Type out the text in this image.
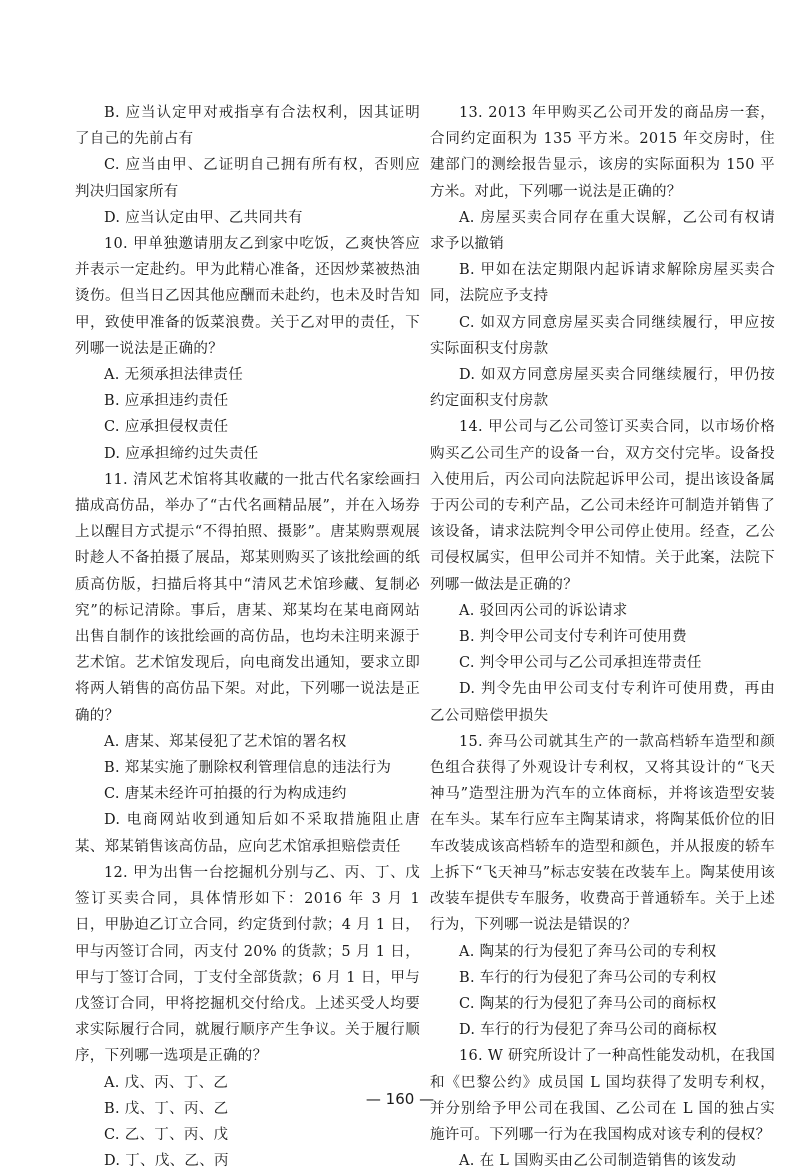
B. 应当认定甲对戒指享有合法权利，因其证明了自己的先前占有

C. 应当由甲、乙证明自己拥有所有权，否则应判决归国家所有

D. 应当认定由甲、乙共同共有

10. 甲单独邀请朋友乙到家中吃饭，乙爽快答应并表示一定赴约。甲为此精心准备，还因炒菜被热油烫伤。但当日乙因其他应酬而未赴约，也未及时告知甲，致使甲准备的饭菜浪费。关于乙对甲的责任，下列哪一说法是正确的？

A. 无须承担法律责任

B. 应承担违约责任

C. 应承担侵权责任

D. 应承担缔约过失责任

11. 清风艺术馆将其收藏的一批古代名家绘画扫描成高仿品，举办了“古代名画精品展”，并在入场券上以醒目方式提示“不得拍照、摄影”。唐某购票观展时趁人不备拍摄了展品，郑某则购买了该批绘画的纸质高仿版，扫描后将其中“清风艺术馆珍藏、复制必究”的标记清除。事后，唐某、郑某均在某电商网站出售自制作的该批绘画的高仿品，也均未注明来源于艺术馆。艺术馆发现后，向电商发出通知，要求立即将两人销售的高仿品下架。对此，下列哪一说法是正确的？

A. 唐某、郑某侵犯了艺术馆的署名权

B. 郑某实施了删除权利管理信息的违法行为

C. 唐某未经许可拍摄的行为构成违约

D. 电商网站收到通知后如不采取措施阻止唐某、郑某销售该高仿品，应向艺术馆承担赔偿责任

12. 甲为出售一台挖掘机分别与乙、丙、丁、戊签订买卖合同，具体情形如下：2016 年 3 月 1 日，甲胁迫乙订立合同，约定货到付款；4 月 1 日，甲与丙签订合同，丙支付 20% 的货款；5 月 1 日，甲与丁签订合同，丁支付全部货款；6 月 1 日，甲与戊签订合同，甲将挖掘机交付给戊。上述买受人均要求实际履行合同，就履行顺序产生争议。关于履行顺序，下列哪一选项是正确的？

A. 戊、丙、丁、乙

B. 戊、丁、丙、乙

C. 乙、丁、丙、戊

D. 丁、戊、乙、丙

13. 2013 年甲购买乙公司开发的商品房一套，合同约定面积为 135 平方米。2015 年交房时，住建部门的测绘报告显示，该房的实际面积为 150 平方米。对此，下列哪一说法是正确的？

A. 房屋买卖合同存在重大误解，乙公司有权请求予以撤销

B. 甲如在法定期限内起诉请求解除房屋买卖合同，法院应予支持

C. 如双方同意房屋买卖合同继续履行，甲应按实际面积支付房款

D. 如双方同意房屋买卖合同继续履行，甲仍按约定面积支付房款

14. 甲公司与乙公司签订买卖合同，以市场价格购买乙公司生产的设备一台，双方交付完毕。设备投入使用后，丙公司向法院起诉甲公司，提出该设备属于丙公司的专利产品，乙公司未经许可制造并销售了该设备，请求法院判令甲公司停止使用。经查，乙公司侵权属实，但甲公司并不知情。关于此案，法院下列哪一做法是正确的？

A. 驳回丙公司的诉讼请求

B. 判令甲公司支付专利许可使用费

C. 判令甲公司与乙公司承担连带责任

D. 判令先由甲公司支付专利许可使用费，再由乙公司赔偿甲损失

15. 奔马公司就其生产的一款高档轿车造型和颜色组合获得了外观设计专利权，又将其设计的“飞天神马”造型注册为汽车的立体商标，并将该造型安装在车头。某车行应车主陶某请求，将陶某低价位的旧车改装成该高档轿车的造型和颜色，并从报废的轿车上拆下“飞天神马”标志安装在改装车上。陶某使用该改装车提供专车服务，收费高于普通轿车。关于上述行为，下列哪一说法是错误的？

A. 陶某的行为侵犯了奔马公司的专利权

B. 车行的行为侵犯了奔马公司的专利权

C. 陶某的行为侵犯了奔马公司的商标权

D. 车行的行为侵犯了奔马公司的商标权

16. W 研究所设计了一种高性能发动机，在我国和《巴黎公约》成员国 L 国均获得了发明专利权，并分别给予甲公司在我国、乙公司在 L 国的独占实施许可。下列哪一行为在我国构成对该专利的侵权？

A. 在 L 国购买由乙公司制造销售的该发动

— 160 —
